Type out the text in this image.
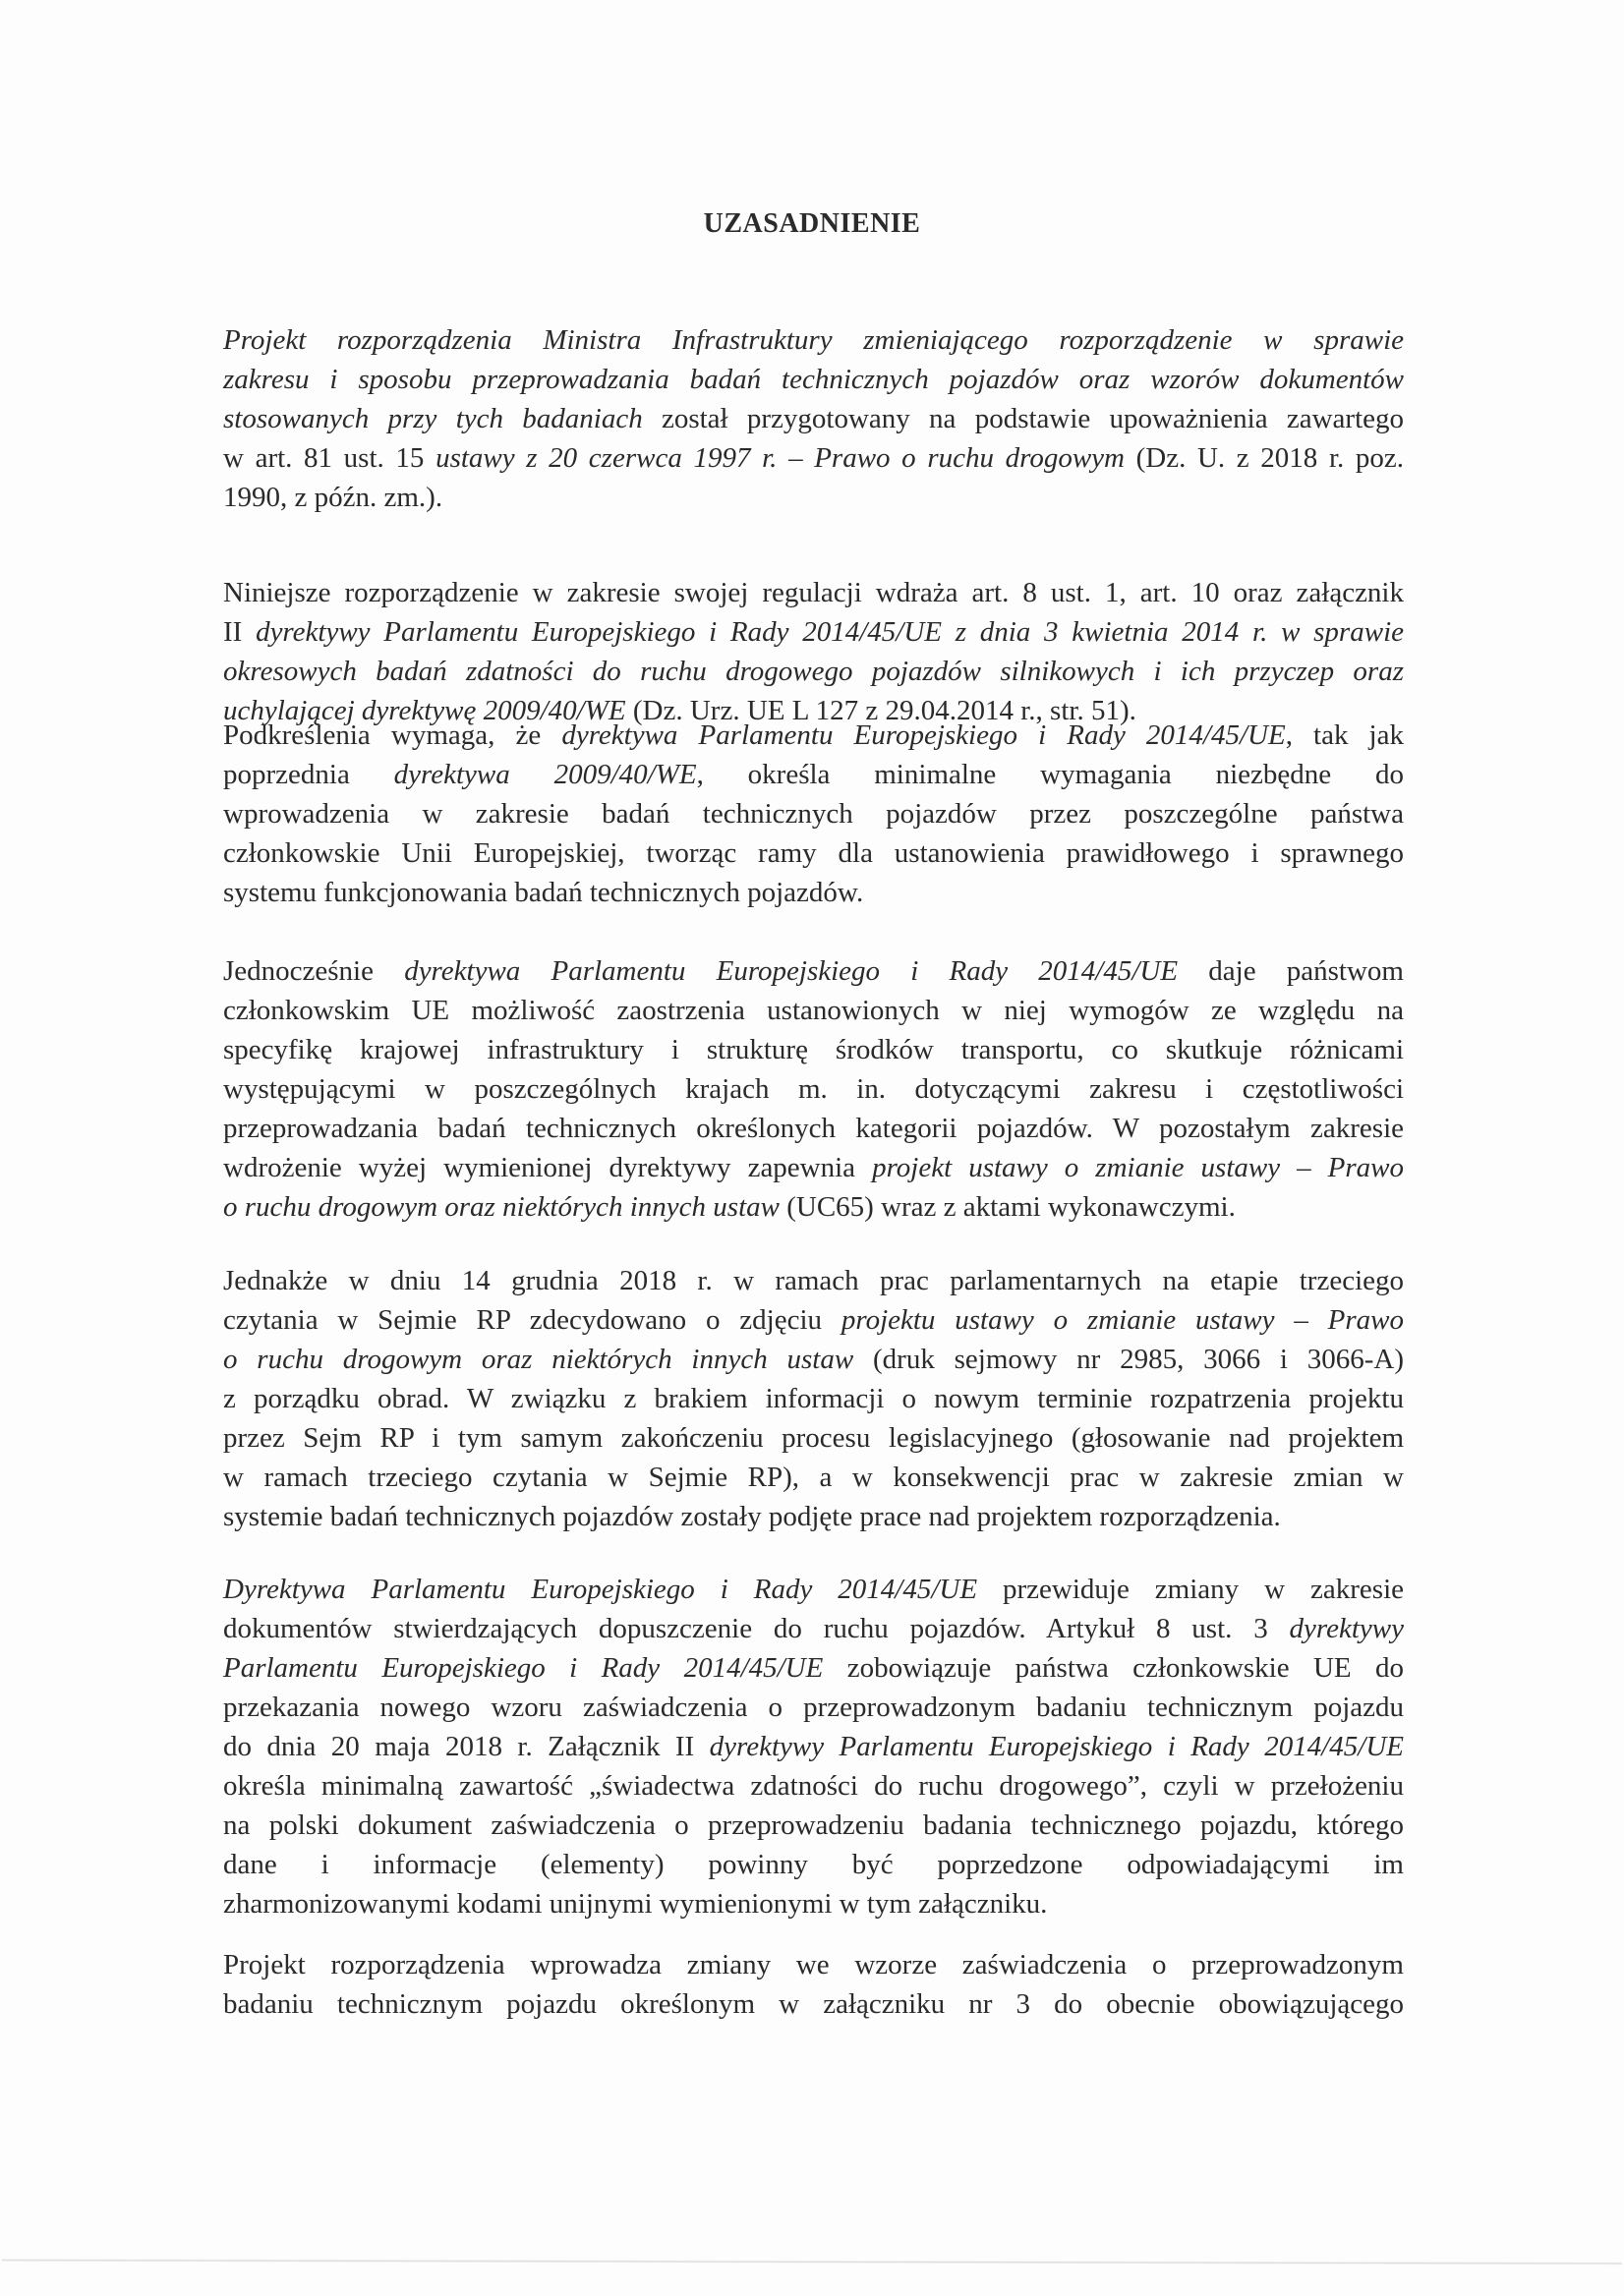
UZASADNIENIE
Projekt rozporządzenia Ministra Infrastruktury zmieniającego rozporządzenie w sprawie
zakresu i sposobu przeprowadzania badań technicznych pojazdów oraz wzorów dokumentów
stosowanych przy tych badaniach został przygotowany na podstawie upoważnienia zawartego
w art. 81 ust. 15 ustawy z 20 czerwca 1997 r. – Prawo o ruchu drogowym (Dz. U. z 2018 r. poz.
1990, z późn. zm.).
Niniejsze rozporządzenie w zakresie swojej regulacji wdraża art. 8 ust. 1, art. 10 oraz załącznik
II dyrektywy Parlamentu Europejskiego i Rady 2014/45/UE z dnia 3 kwietnia 2014 r. w sprawie
okresowych badań zdatności do ruchu drogowego pojazdów silnikowych i ich przyczep oraz
uchylającej dyrektywę 2009/40/WE (Dz. Urz. UE L 127 z 29.04.2014 r., str. 51).
Podkreślenia wymaga, że dyrektywa Parlamentu Europejskiego i Rady 2014/45/UE, tak jak
poprzednia dyrektywa 2009/40/WE, określa minimalne wymagania niezbędne do
wprowadzenia w zakresie badań technicznych pojazdów przez poszczególne państwa
członkowskie Unii Europejskiej, tworząc ramy dla ustanowienia prawidłowego i sprawnego
systemu funkcjonowania badań technicznych pojazdów.
Jednocześnie dyrektywa Parlamentu Europejskiego i Rady 2014/45/UE daje państwom
członkowskim UE możliwość zaostrzenia ustanowionych w niej wymogów ze względu na
specyfikę krajowej infrastruktury i strukturę środków transportu, co skutkuje różnicami
występującymi w poszczególnych krajach m. in. dotyczącymi zakresu i częstotliwości
przeprowadzania badań technicznych określonych kategorii pojazdów. W pozostałym zakresie
wdrożenie wyżej wymienionej dyrektywy zapewnia projekt ustawy o zmianie ustawy – Prawo
o ruchu drogowym oraz niektórych innych ustaw (UC65) wraz z aktami wykonawczymi.
Jednakże w dniu 14 grudnia 2018 r. w ramach prac parlamentarnych na etapie trzeciego
czytania w Sejmie RP zdecydowano o zdjęciu projektu ustawy o zmianie ustawy – Prawo
o ruchu drogowym oraz niektórych innych ustaw (druk sejmowy nr 2985, 3066 i 3066-A)
z porządku obrad. W związku z brakiem informacji o nowym terminie rozpatrzenia projektu
przez Sejm RP i tym samym zakończeniu procesu legislacyjnego (głosowanie nad projektem
w ramach trzeciego czytania w Sejmie RP), a w konsekwencji prac w zakresie zmian w
systemie badań technicznych pojazdów zostały podjęte prace nad projektem rozporządzenia.
Dyrektywa Parlamentu Europejskiego i Rady 2014/45/UE przewiduje zmiany w zakresie
dokumentów stwierdzających dopuszczenie do ruchu pojazdów. Artykuł 8 ust. 3 dyrektywy
Parlamentu Europejskiego i Rady 2014/45/UE zobowiązuje państwa członkowskie UE do
przekazania nowego wzoru zaświadczenia o przeprowadzonym badaniu technicznym pojazdu
do dnia 20 maja 2018 r. Załącznik II dyrektywy Parlamentu Europejskiego i Rady 2014/45/UE
określa minimalną zawartość „świadectwa zdatności do ruchu drogowego”, czyli w przełożeniu
na polski dokument zaświadczenia o przeprowadzeniu badania technicznego pojazdu, którego
dane i informacje (elementy) powinny być poprzedzone odpowiadającymi im
zharmonizowanymi kodami unijnymi wymienionymi w tym załączniku.
Projekt rozporządzenia wprowadza zmiany we wzorze zaświadczenia o przeprowadzonym
badaniu technicznym pojazdu określonym w załączniku nr 3 do obecnie obowiązującego
